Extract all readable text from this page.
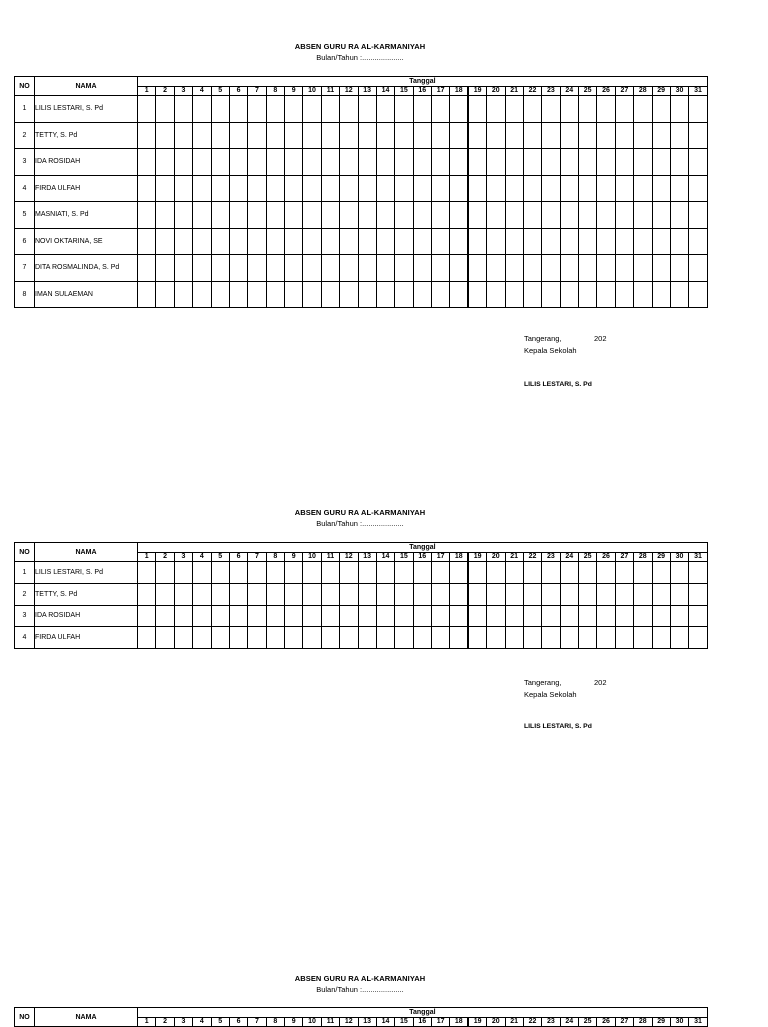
ABSEN GURU RA AL-KARMANIYAH
Bulan/Tahun :....................
NO	NAMA	Tanggal																														
		1	2	3	4	5	6	7	8	9	10	11	12	13	14	15	16	17	18	19	20	21	22	23	24	25	26	27	28	29	30	31
1	LILIS LESTARI, S. Pd																															
2	TETTY, S. Pd																															
3	IDA ROSIDAH																															
4	FIRDA ULFAH																															
5	MASNIATI, S. Pd																															
6	NOVI OKTARINA, SE																															
7	DITA ROSMALINDA, S. Pd																															
8	IMAN SULAEMAN																															
Tangerang,	202
Kepala Sekolah
LILIS LESTARI, S. Pd
ABSEN GURU RA AL-KARMANIYAH
Bulan/Tahun :....................
NO	NAMA	Tanggal																														
		1	2	3	4	5	6	7	8	9	10	11	12	13	14	15	16	17	18	19	20	21	22	23	24	25	26	27	28	29	30	31
1	LILIS LESTARI, S. Pd																															
2	TETTY, S. Pd																															
3	IDA ROSIDAH																															
4	FIRDA ULFAH																															
Tangerang,	202
Kepala Sekolah
LILIS LESTARI, S. Pd
ABSEN GURU RA AL-KARMANIYAH
Bulan/Tahun :....................
NO	NAMA	Tanggal																														
		1	2	3	4	5	6	7	8	9	10	11	12	13	14	15	16	17	18	19	20	21	22	23	24	25	26	27	28	29	30	31
